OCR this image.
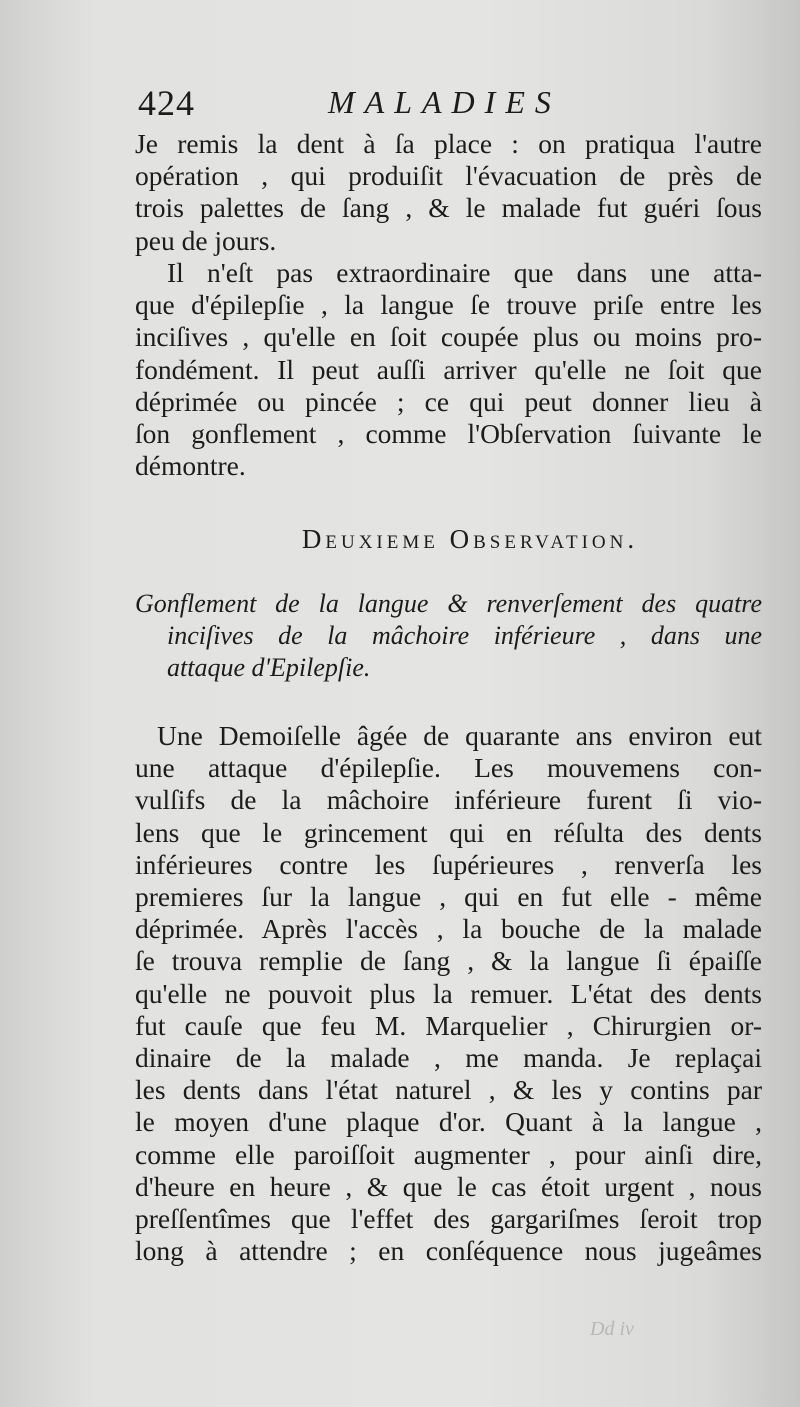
424	MALADIES
Je remis la dent à ſa place : on pratiqua l'autre
opération , qui produiſit l'évacuation de près de
trois palettes de ſang , & le malade fut guéri ſous
peu de jours.
Il n'eſt pas extraordinaire que dans une atta-
que d'épilepſie , la langue ſe trouve priſe entre les
inciſives , qu'elle en ſoit coupée plus ou moins pro-
fondément. Il peut auſſi arriver qu'elle ne ſoit que
déprimée ou pincée ; ce qui peut donner lieu à
ſon gonflement , comme l'Obſervation ſuivante le
démontre.
Deuxieme Observation.
Gonflement de la langue & renverſement des quatre
inciſives de la mâchoire inférieure , dans une
attaque d'Epilepſie.
Une Demoiſelle âgée de quarante ans environ eut
une attaque d'épilepſie. Les mouvemens con-
vulſifs de la mâchoire inférieure furent ſi vio-
lens que le grincement qui en réſulta des dents
inférieures contre les ſupérieures , renverſa les
premieres ſur la langue , qui en fut elle - même
déprimée. Après l'accès , la bouche de la malade
ſe trouva remplie de ſang , & la langue ſi épaiſſe
qu'elle ne pouvoit plus la remuer. L'état des dents
fut cauſe que feu M. Marquelier , Chirurgien or-
dinaire de la malade , me manda. Je replaçai
les dents dans l'état naturel , & les y contins par
le moyen d'une plaque d'or. Quant à la langue ,
comme elle paroiſſoit augmenter , pour ainſi dire,
d'heure en heure , & que le cas étoit urgent , nous
preſſentîmes que l'effet des gargariſmes ſeroit trop
long à attendre ; en conſéquence nous jugeâmes
Dd iv
